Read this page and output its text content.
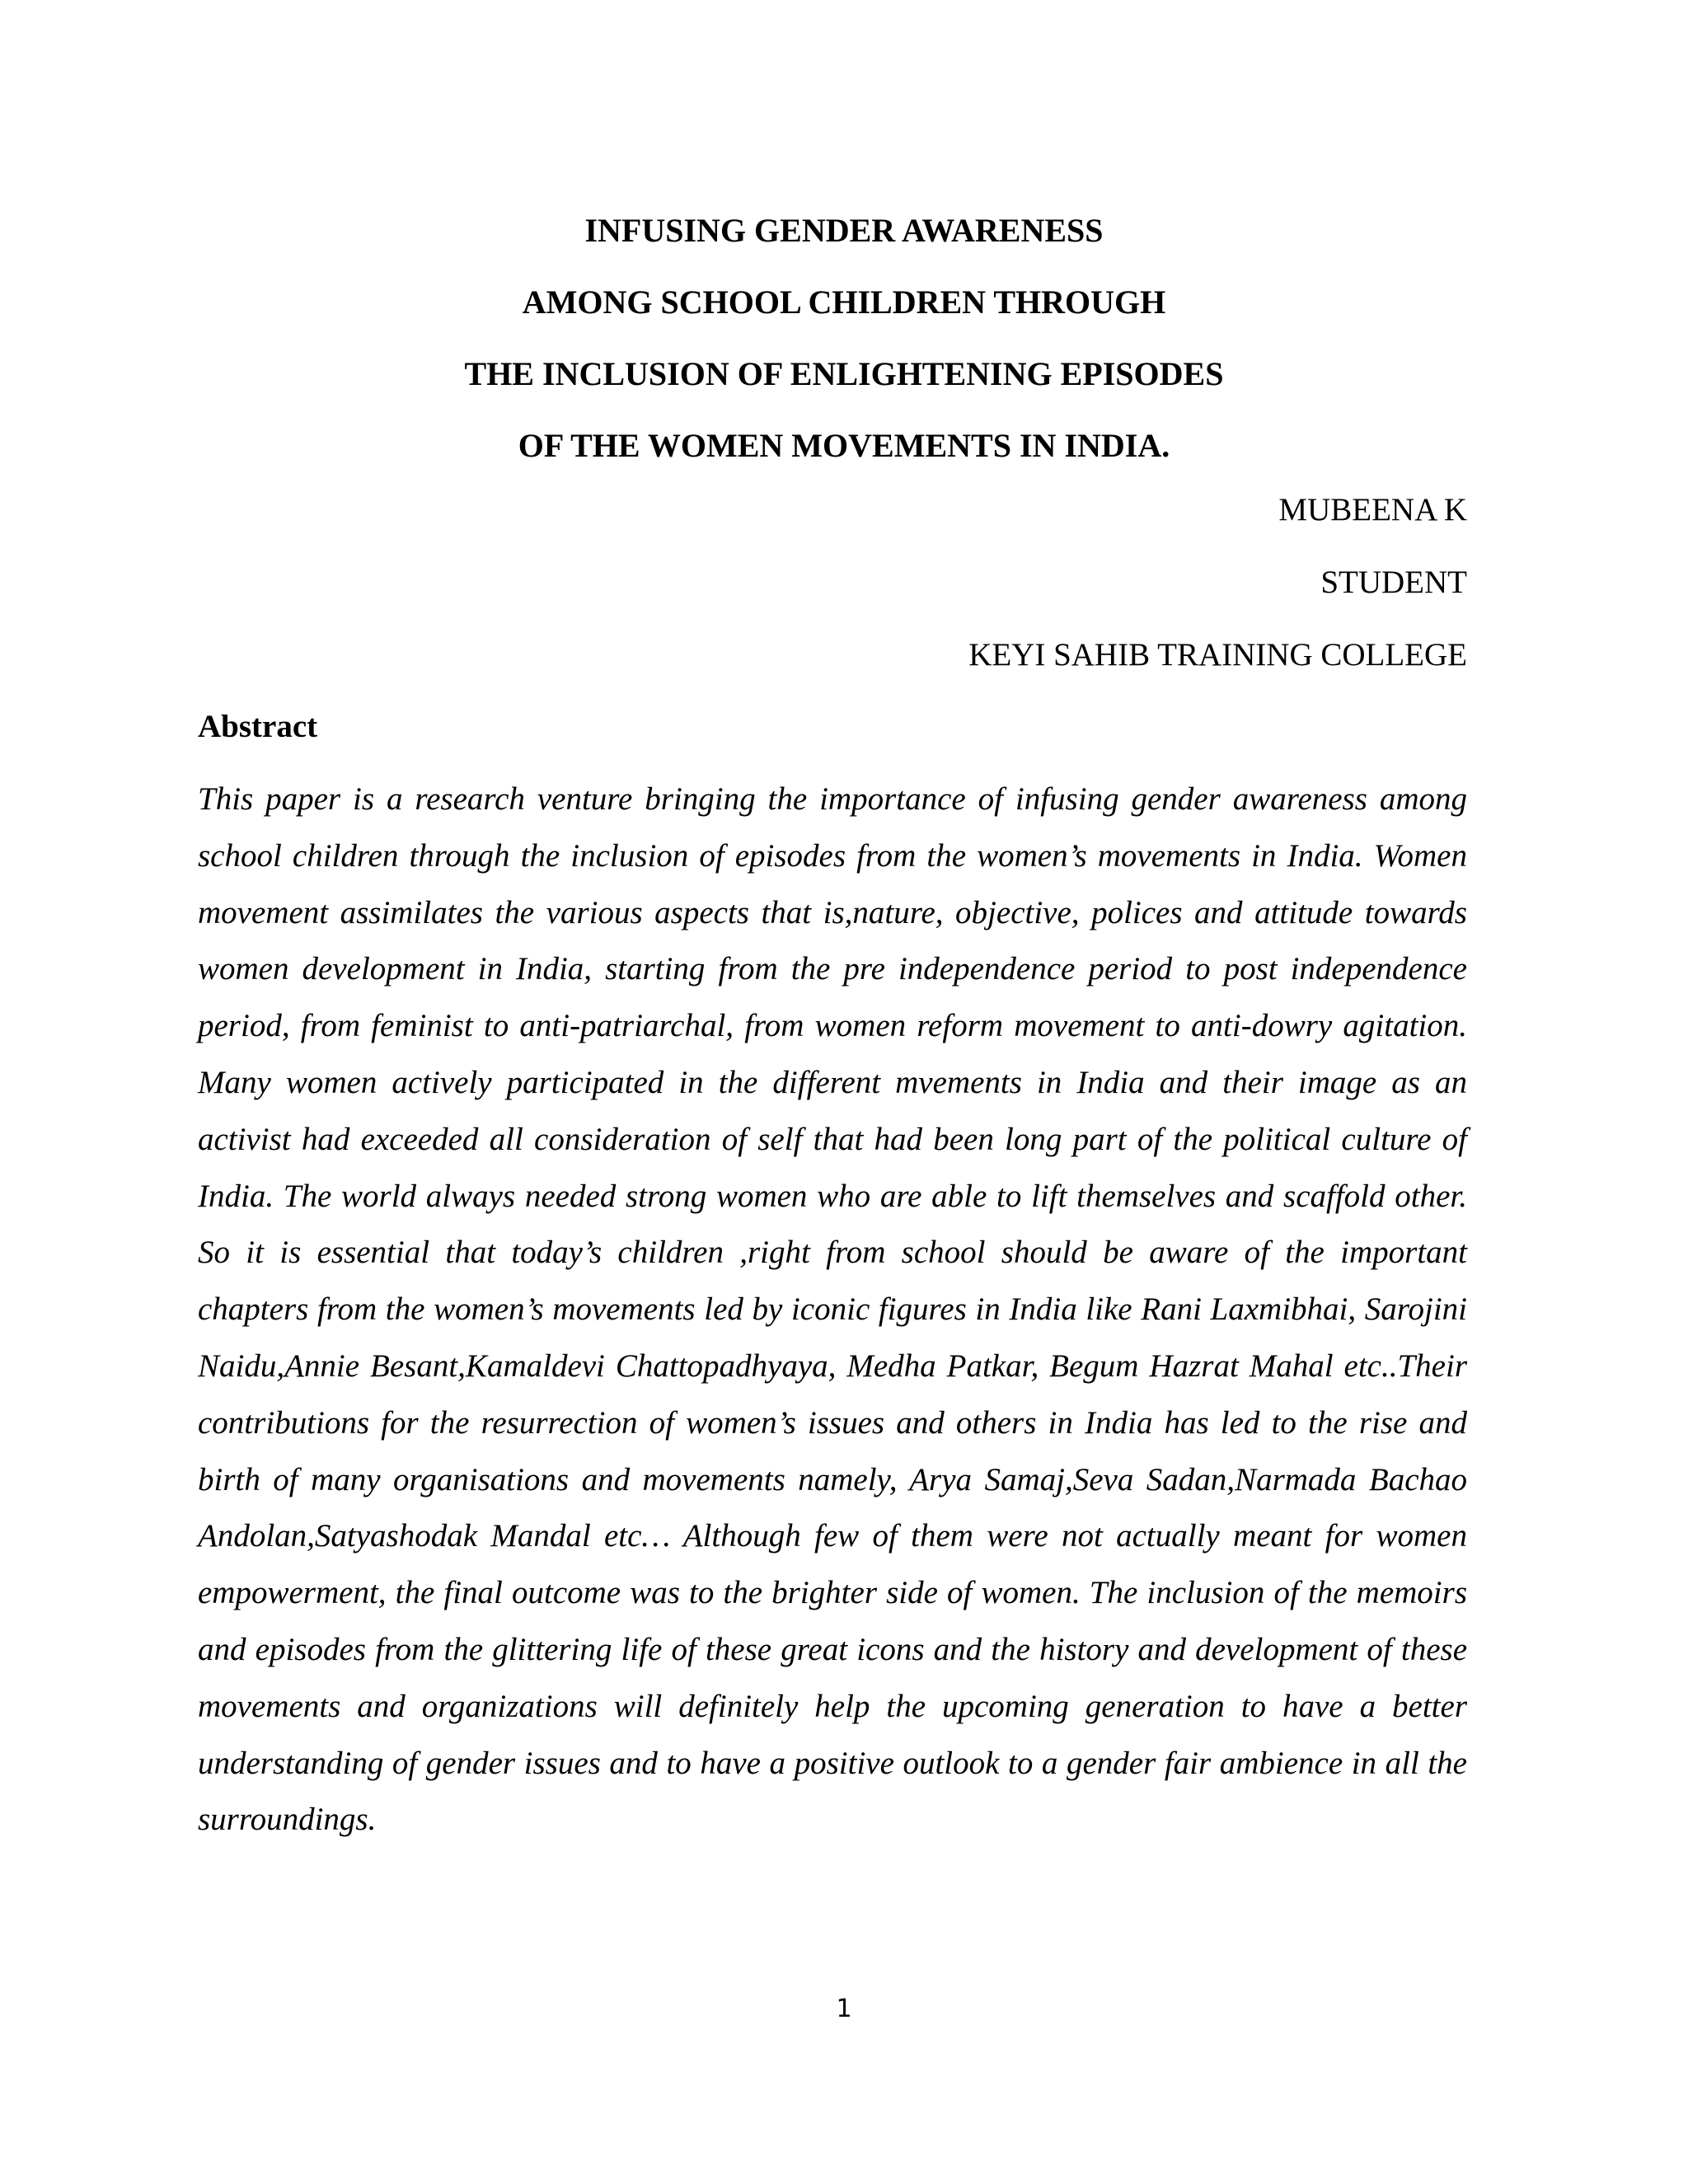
INFUSING GENDER AWARENESS
AMONG SCHOOL CHILDREN THROUGH
THE INCLUSION OF ENLIGHTENING EPISODES
OF THE WOMEN MOVEMENTS IN INDIA.
MUBEENA K
STUDENT
KEYI SAHIB TRAINING COLLEGE
Abstract
This paper is a research venture bringing the importance of infusing gender awareness among school children through the inclusion of episodes from the women’s movements in India. Women movement assimilates the various aspects that is,nature, objective, polices and attitude towards women development in India, starting from the pre independence period to post independence period, from feminist to anti-patriarchal, from women reform movement to anti-dowry agitation. Many women actively participated in the different mvements in India and their image as an activist had exceeded all consideration of self that had been long part of the political culture of India. The world always needed strong women who are able to lift themselves and scaffold other. So it is essential that today’s children ,right from school should be aware of the important chapters from the women’s movements led by iconic figures in India like Rani Laxmibhai, Sarojini Naidu,Annie Besant,Kamaldevi Chattopadhyaya, Medha Patkar, Begum Hazrat Mahal etc..Their contributions for the resurrection of women’s issues and others in India has led to the rise and birth of many organisations and movements namely, Arya Samaj,Seva Sadan,Narmada Bachao Andolan,Satyashodak Mandal etc… Although few of them were not actually meant for women empowerment, the final outcome was to the brighter side of women. The inclusion of the memoirs and episodes from the glittering life of these great icons and the history and development of these movements and organizations will definitely help the upcoming generation to have a better understanding of gender issues and to have a positive outlook to a gender fair ambience in all the surroundings.
1
